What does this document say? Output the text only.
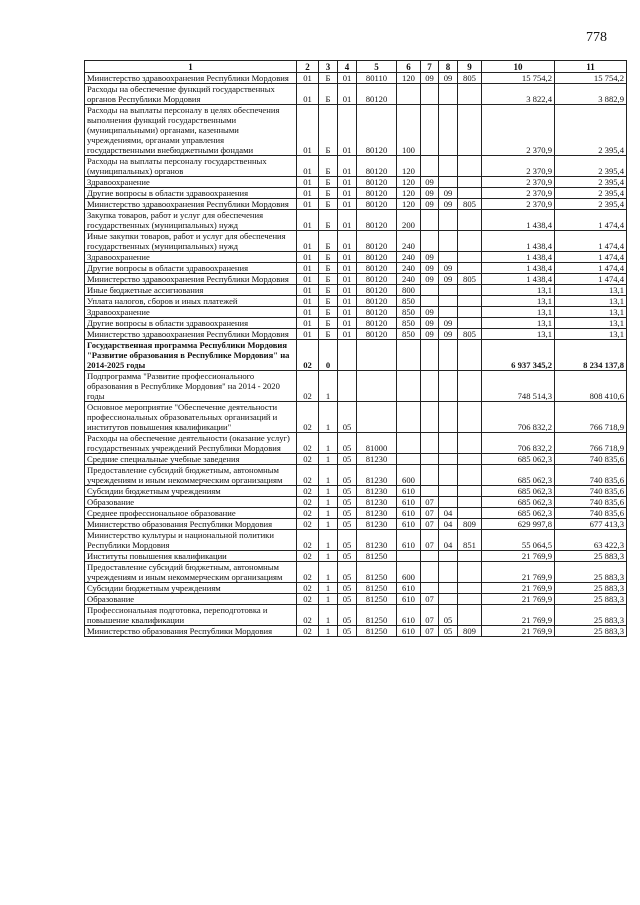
778
1	2	3	4	5	6	7	8	9	10	11
Министерство здравоохранения Республики Мордовия	01	Б	01	80110	120	09	09	805	15 754,2	15 754,2
Расходы на обеспечение функций государственных органов Республики Мордовия	01	Б	01	80120					3 822,4	3 882,9
Расходы на выплаты персоналу в целях обеспечения выполнения функций государственными (муниципальными) органами, казенными учреждениями, органами управления государственными внебюджетными фондами	01	Б	01	80120	100				2 370,9	2 395,4
Расходы на выплаты персоналу государственных (муниципальных) органов	01	Б	01	80120	120				2 370,9	2 395,4
Здравоохранение	01	Б	01	80120	120	09			2 370,9	2 395,4
Другие вопросы в области здравоохранения	01	Б	01	80120	120	09	09		2 370,9	2 395,4
Министерство здравоохранения Республики Мордовия	01	Б	01	80120	120	09	09	805	2 370,9	2 395,4
Закупка товаров, работ и услуг для обеспечения государственных (муниципальных) нужд	01	Б	01	80120	200				1 438,4	1 474,4
Иные закупки товаров, работ и услуг для обеспечения государственных (муниципальных) нужд	01	Б	01	80120	240				1 438,4	1 474,4
Здравоохранение	01	Б	01	80120	240	09			1 438,4	1 474,4
Другие вопросы в области здравоохранения	01	Б	01	80120	240	09	09		1 438,4	1 474,4
Министерство здравоохранения Республики Мордовия	01	Б	01	80120	240	09	09	805	1 438,4	1 474,4
Иные бюджетные ассигнования	01	Б	01	80120	800				13,1	13,1
Уплата налогов, сборов и иных платежей	01	Б	01	80120	850				13,1	13,1
Здравоохранение	01	Б	01	80120	850	09			13,1	13,1
Другие вопросы в области здравоохранения	01	Б	01	80120	850	09	09		13,1	13,1
Министерство здравоохранения Республики Мордовия	01	Б	01	80120	850	09	09	805	13,1	13,1
Государственная программа Республики Мордовия "Развитие образования в Республике Мордовия" на 2014-2025 годы	02	0							6 937 345,2	8 234 137,8
Подпрограмма "Развитие профессионального образования в Республике Мордовия" на 2014 - 2020 годы	02	1							748 514,3	808 410,6
Основное мероприятие "Обеспечение деятельности профессиональных образовательных организаций и институтов повышения квалификации"	02	1	05						706 832,2	766 718,9
Расходы на обеспечение деятельности (оказание услуг) государственных учреждений Республики Мордовия	02	1	05	81000					706 832,2	766 718,9
Средние специальные учебные заведения	02	1	05	81230					685 062,3	740 835,6
Предоставление субсидий бюджетным, автономным учреждениям и иным некоммерческим организациям	02	1	05	81230	600				685 062,3	740 835,6
Субсидии бюджетным учреждениям	02	1	05	81230	610				685 062,3	740 835,6
Образование	02	1	05	81230	610	07			685 062,3	740 835,6
Среднее профессиональное образование	02	1	05	81230	610	07	04		685 062,3	740 835,6
Министерство образования Республики Мордовия	02	1	05	81230	610	07	04	809	629 997,8	677 413,3
Министерство культуры и национальной политики Республики Мордовия	02	1	05	81230	610	07	04	851	55 064,5	63 422,3
Институты повышения квалификации	02	1	05	81250					21 769,9	25 883,3
Предоставление субсидий бюджетным, автономным учреждениям и иным некоммерческим организациям	02	1	05	81250	600				21 769,9	25 883,3
Субсидии бюджетным учреждениям	02	1	05	81250	610				21 769,9	25 883,3
Образование	02	1	05	81250	610	07			21 769,9	25 883,3
Профессиональная подготовка, переподготовка и повышение квалификации	02	1	05	81250	610	07	05		21 769,9	25 883,3
Министерство образования Республики Мордовия	02	1	05	81250	610	07	05	809	21 769,9	25 883,3
